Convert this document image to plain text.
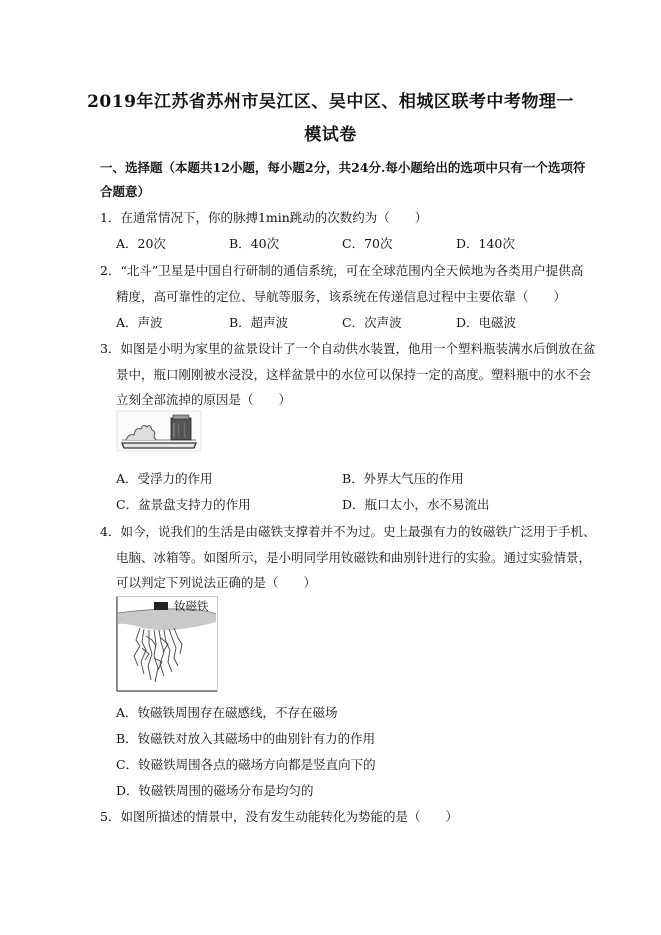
2019年江苏省苏州市吴江区、吴中区、相城区联考中考物理一
模试卷
一、选择题（本题共12小题，每小题2分，共24分.每小题给出的选项中只有一个选项符
合题意）
1．在通常情况下，你的脉搏1min跳动的次数约为（　　）
A．20次	B．40次	C．70次	D．140次
2．“北斗”卫星是中国自行研制的通信系统，可在全球范围内全天候地为各类用户提供高
精度，高可靠性的定位、导航等服务，该系统在传递信息过程中主要依靠（　　）
A．声波	B．超声波	C．次声波	D．电磁波
3．如图是小明为家里的盆景设计了一个自动供水装置，他用一个塑料瓶装满水后倒放在盆
景中，瓶口刚刚被水浸没，这样盆景中的水位可以保持一定的高度。塑料瓶中的水不会
立刻全部流掉的原因是（　　）
A．受浮力的作用	B．外界大气压的作用
C．盆景盘支持力的作用	D．瓶口太小，水不易流出
4．如今，说我们的生活是由磁铁支撑着并不为过。史上最强有力的钕磁铁广泛用于手机、
电脑、冰箱等。如图所示，是小明同学用钕磁铁和曲别针进行的实验。通过实验情景，
可以判定下列说法正确的是（　　）
钕磁铁
A．钕磁铁周围存在磁感线，不存在磁场
B．钕磁铁对放入其磁场中的曲别针有力的作用
C．钕磁铁周围各点的磁场方向都是竖直向下的
D．钕磁铁周围的磁场分布是均匀的
5．如图所描述的情景中，没有发生动能转化为势能的是（　　）
